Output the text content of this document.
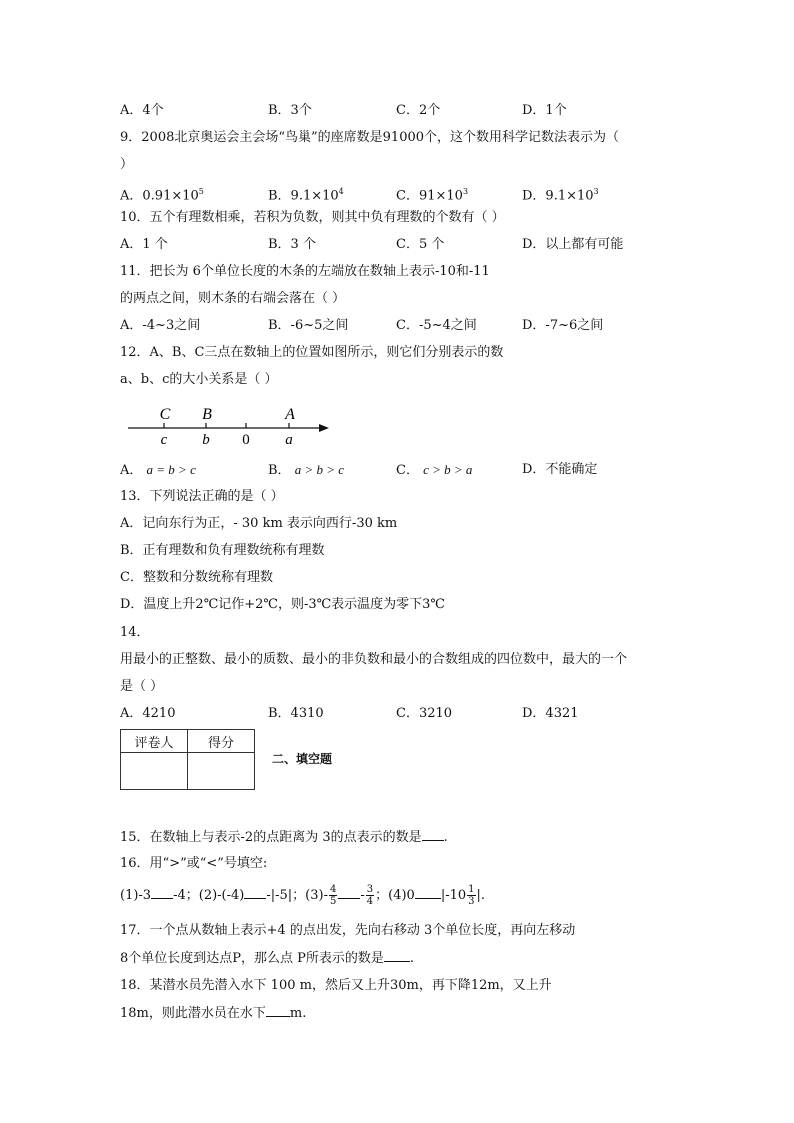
A．4个	B．3个	C．2个	D．1个
9．2008北京奥运会主会场“鸟巢”的座席数是91000个，这个数用科学记数法表示为（
）
A．$0.91\times 10^5$	B．$9.1\times 10^4$	C．$91\times 10^3$	D．$9.1\times 10^3$
10．五个有理数相乘，若积为负数，则其中负有理数的个数有（ ）
A．1 个	B．3 个	C．5 个	D．以上都有可能
11．把长为 6个单位长度的木条的左端放在数轴上表示-10和-11
的两点之间，则木条的右端会落在（ ）
A．-4~3之间	B．-6~5之间	C．-5~4之间	D．-7~6之间
12．A、B、C三点在数轴上的位置如图所示，则它们分别表示的数
a、b、c的大小关系是（ ）
C B	A
c b 0 a
A． a = b > c	B． a > b > c	C． c > b > a	D．不能确定
13．下列说法正确的是（ ）
A．记向东行为正，- 30 km 表示向西行-30 km
B．正有理数和负有理数统称有理数
C．整数和分数统称有理数
D．温度上升2℃记作+2℃，则-3℃表示温度为零下3℃
14．
用最小的正整数、最小的质数、最小的非负数和最小的合数组成的四位数中，最大的一个
是（ ）
A．4210	B．4310	C．3210	D．4321
评卷人	得分

二、填空题
15．在数轴上与表示-2的点距离为 3的点表示的数是 .
16．用“>”或“<”号填空:
(1)-3 -4；(2)-(-4) -|-5|；$(3)- \frac{4}{5} - \frac{3}{4}$ ；(4)0 $|-10 \frac{1}{3}$ |.
17．一个点从数轴上表示+4 的点出发，先向右移动 3个单位长度，再向左移动
8个单位长度到达点P，那么点 P所表示的数是 .
18．某潜水员先潜入水下 100 m，然后又上升30m，再下降12m，又上升
18m，则此潜水员在水下 m.
